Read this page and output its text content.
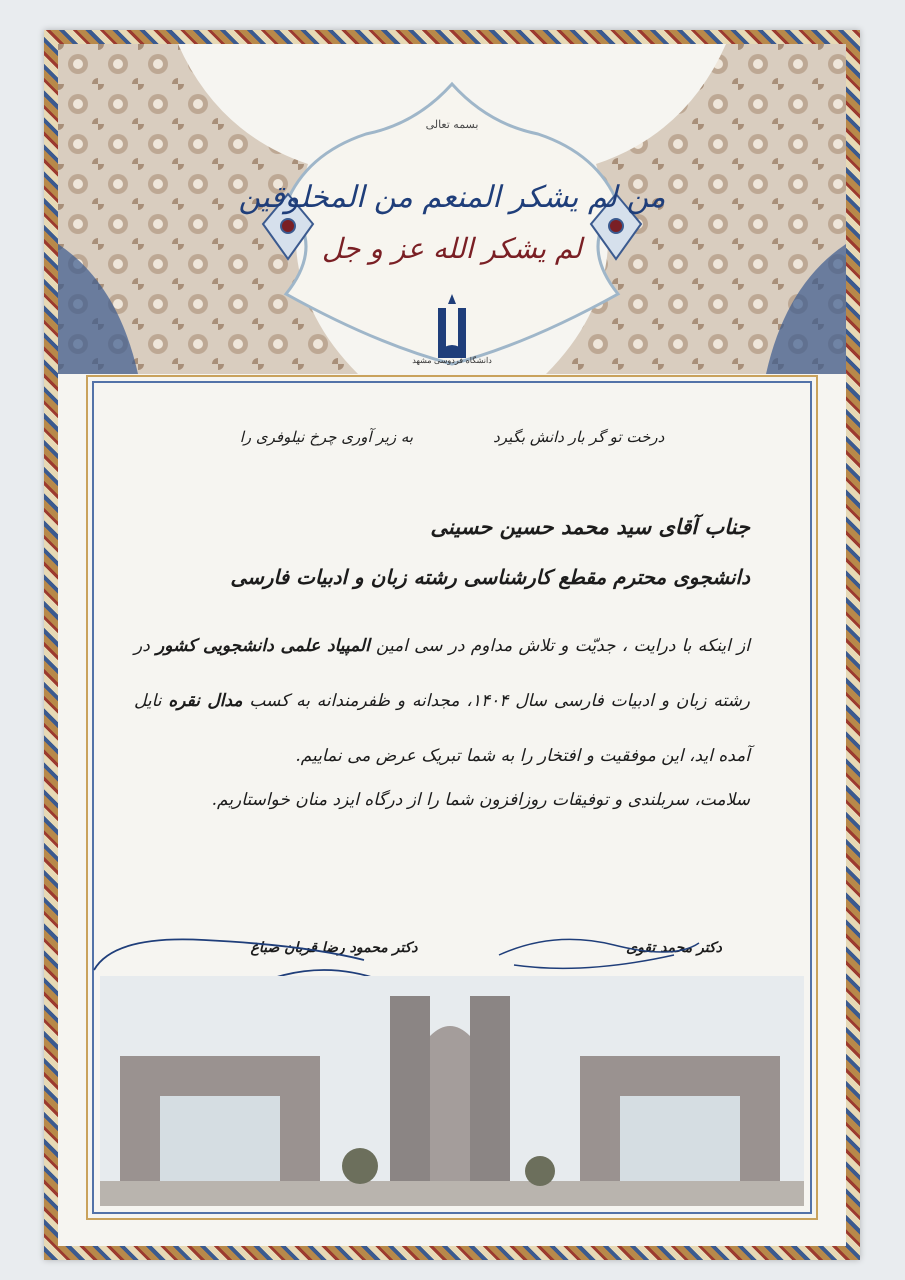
بسمه تعالی
من لم یشکر المنعم من المخلوقین
لم یشکر الله عز و جل
دانشگاه فردوسی مشهد
درخت تو گر بار دانش بگیرد
به زیر آوری چرخ نیلوفری را
جناب آقای سید محمد حسین حسینی
دانشجوی محترم مقطع کارشناسی رشته زبان و ادبیات فارسی
از اینکه با درایت ، جدیّت و تلاش مداوم در سی امین المپیاد علمی دانشجویی کشور در رشته زبان و ادبیات فارسی سال ۱۴۰۴، مجدانه و ظفرمندانه به کسب مدال نقره نایل آمده اید، این موفقیت و افتخار را به شما تبریک عرض می نماییم.
سلامت، سربلندی و توفیقات روزافزون شما را از درگاه ایزد منان خواستاریم.
دکتر محمد تقوی
دکتر محمود رضا قربان صباغ
